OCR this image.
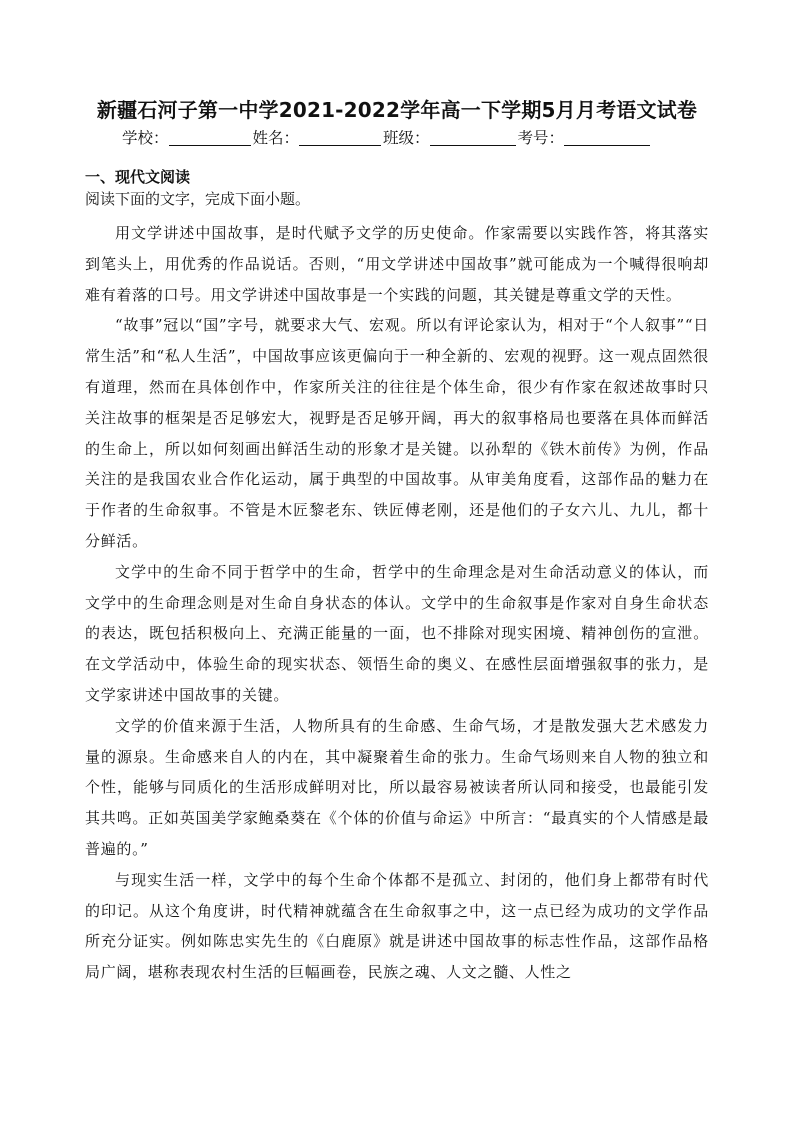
新疆石河子第一中学2021-2022学年高一下学期5月月考语文试卷
学校：	姓名：	班级：	考号：
一、现代文阅读
阅读下面的文字，完成下面小题。

用文学讲述中国故事，是时代赋予文学的历史使命。作家需要以实践作答，将其落实到笔头上，用优秀的作品说话。否则，“用文学讲述中国故事”就可能成为一个喊得很响却难有着落的口号。用文学讲述中国故事是一个实践的问题，其关键是尊重文学的天性。

“故事”冠以“国”字号，就要求大气、宏观。所以有评论家认为，相对于“个人叙事”“日常生活”和“私人生活”，中国故事应该更偏向于一种全新的、宏观的视野。这一观点固然很有道理，然而在具体创作中，作家所关注的往往是个体生命，很少有作家在叙述故事时只关注故事的框架是否足够宏大，视野是否足够开阔，再大的叙事格局也要落在具体而鲜活的生命上，所以如何刻画出鲜活生动的形象才是关键。以孙犁的《铁木前传》为例，作品关注的是我国农业合作化运动，属于典型的中国故事。从审美角度看，这部作品的魅力在于作者的生命叙事。不管是木匠黎老东、铁匠傅老刚，还是他们的子女六儿、九儿，都十分鲜活。

文学中的生命不同于哲学中的生命，哲学中的生命理念是对生命活动意义的体认，而文学中的生命理念则是对生命自身状态的体认。文学中的生命叙事是作家对自身生命状态的表达，既包括积极向上、充满正能量的一面，也不排除对现实困境、精神创伤的宣泄。在文学活动中，体验生命的现实状态、领悟生命的奥义、在感性层面增强叙事的张力，是文学家讲述中国故事的关键。

文学的价值来源于生活，人物所具有的生命感、生命气场，才是散发强大艺术感发力量的源泉。生命感来自人的内在，其中凝聚着生命的张力。生命气场则来自人物的独立和个性，能够与同质化的生活形成鲜明对比，所以最容易被读者所认同和接受，也最能引发其共鸣。正如英国美学家鲍桑葵在《个体的价值与命运》中所言：“最真实的个人情感是最普遍的。”

与现实生活一样，文学中的每个生命个体都不是孤立、封闭的，他们身上都带有时代的印记。从这个角度讲，时代精神就蕴含在生命叙事之中，这一点已经为成功的文学作品所充分证实。例如陈忠实先生的《白鹿原》就是讲述中国故事的标志性作品，这部作品格局广阔，堪称表现农村生活的巨幅画卷，民族之魂、人文之髓、人性之
